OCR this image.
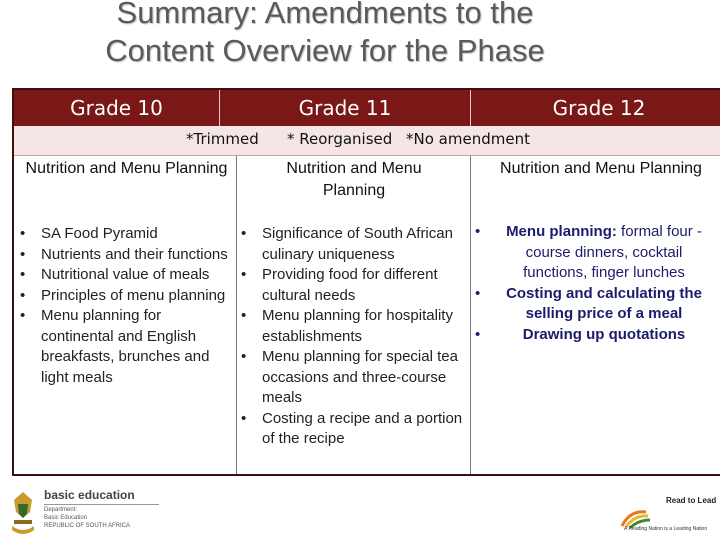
Summary: Amendments to the
Content Overview for the Phase
Grade 10	Grade 11	Grade 12
*Trimmed * Reorganised *No amendment
Nutrition and Menu Planning
• SA Food Pyramid
• Nutrients and their functions
• Nutritional value of meals
• Principles of menu planning
• Menu planning for continental and English breakfasts, brunches and light meals
Nutrition and Menu Planning
• Significance of South African culinary uniqueness
• Providing food for different cultural needs
• Menu planning for hospitality establishments
• Menu planning for special tea occasions and three-course meals
• Costing a recipe and a portion of the recipe
Nutrition and Menu Planning
• Menu planning: formal four -course dinners, cocktail functions, finger lunches
• Costing and calculating the selling price of a meal
• Drawing up quotations
basic education
Department:
Basic Education
REPUBLIC OF SOUTH AFRICA
Read to Lead
A Reading Nation is a Leading Nation
